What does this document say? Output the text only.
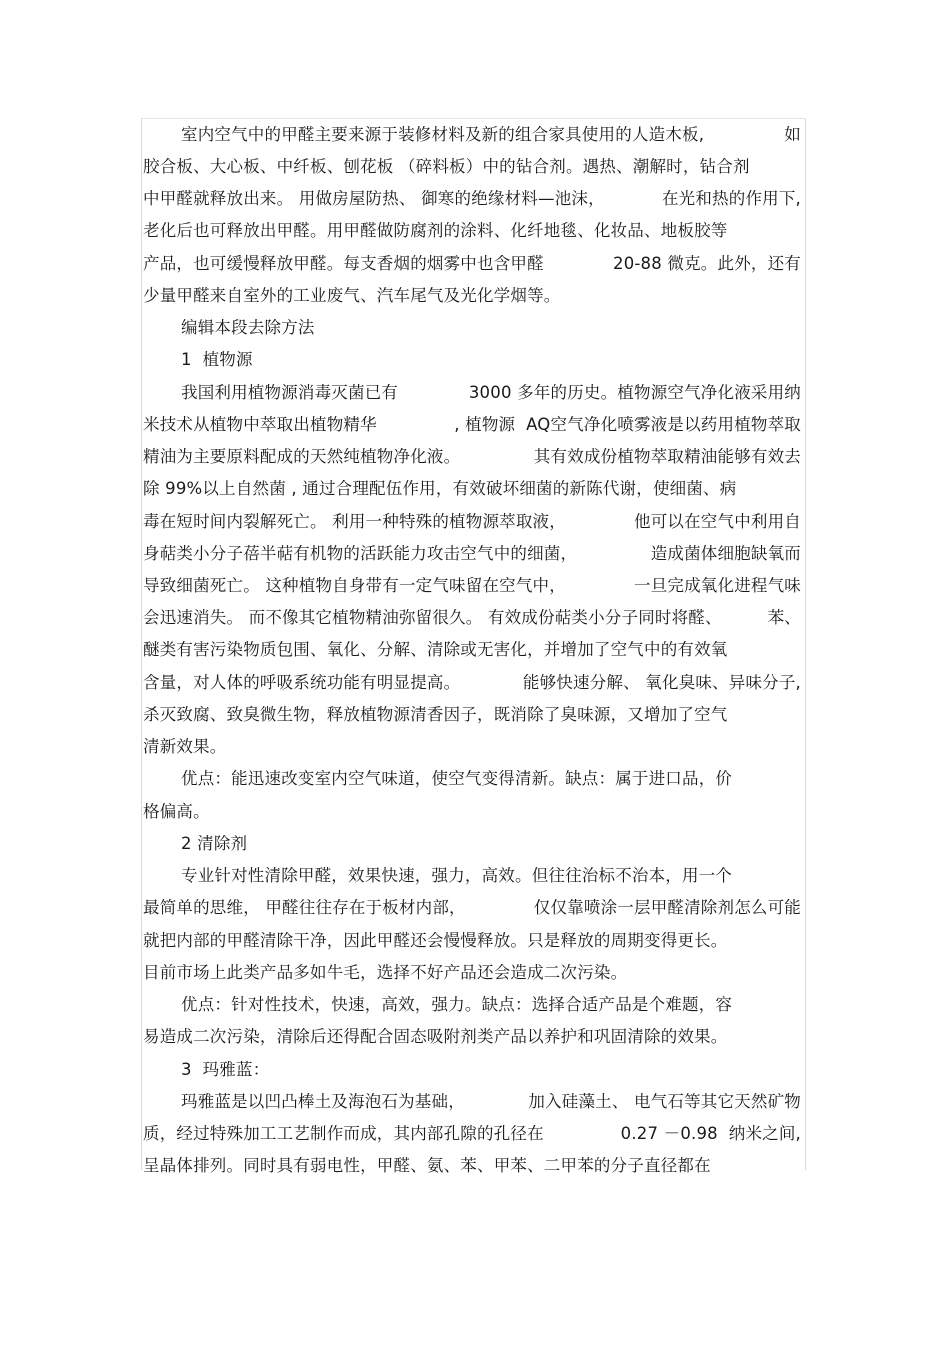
室内空气中的甲醛主要来源于装修材料及新的组合家具使用的人造木板,	如
胶合板、大心板、中纤板、刨花板 （碎料板）中的钻合剂。遇热、潮解时，钻合剂
中甲醛就释放出来。 用做房屋防热、 御寒的绝缘材料—池沫，	在光和热的作用下,
老化后也可释放出甲醛。用甲醛做防腐剂的涂料、化纤地毯、化妆品、地板胶等
产品，也可缓慢释放甲醛。每支香烟的烟雾中也含甲醛	20-88 微克。此外，还有
少量甲醛来自室外的工业废气、汽车尾气及光化学烟等。
编辑本段去除方法
1  植物源
我国利用植物源消毒灭菌已有	3000 多年的历史。植物源空气净化液采用纳
米技术从植物中萃取出植物精华	, 植物源  AQ空气净化喷雾液是以药用植物萃取
精油为主要原料配成的天然纯植物净化液。	其有效成份植物萃取精油能够有效去
除 99%以上自然菌 , 通过合理配伍作用，有效破坏细菌的新陈代谢，使细菌、病
毒在短时间内裂解死亡。 利用一种特殊的植物源萃取液，	他可以在空气中利用自
身萜类小分子蓓半萜有机物的活跃能力攻击空气中的细菌，	造成菌体细胞缺氧而
导致细菌死亡。 这种植物自身带有一定气味留在空气中，	一旦完成氧化进程气味
会迅速消失。 而不像其它植物精油弥留很久。 有效成份萜类小分子同时将醛、	苯、
醚类有害污染物质包围、氧化、分解、清除或无害化，并增加了空气中的有效氧
含量，对人体的呼吸系统功能有明显提高。	能够快速分解、 氧化臭味、异味分子,
杀灭致腐、致臭微生物，释放植物源清香因子，既消除了臭味源，又增加了空气
清新效果。
优点：能迅速改变室内空气味道，使空气变得清新。缺点：属于进口品，价
格偏高。
2 清除剂
专业针对性清除甲醛，效果快速，强力，高效。但往往治标不治本，用一个
最简单的思维， 甲醛往往存在于板材内部，	仅仅靠喷涂一层甲醛清除剂怎么可能
就把内部的甲醛清除干净，因此甲醛还会慢慢释放。只是释放的周期变得更长。
目前市场上此类产品多如牛毛，选择不好产品还会造成二次污染。
优点：针对性技术，快速，高效，强力。缺点：选择合适产品是个难题，容
易造成二次污染，清除后还得配合固态吸附剂类产品以养护和巩固清除的效果。
3  玛雅蓝：
玛雅蓝是以凹凸棒土及海泡石为基础，	加入硅藻土、 电气石等其它天然矿物
质，经过特殊加工工艺制作而成，其内部孔隙的孔径在	0.27 －0.98  纳米之间,
呈晶体排列。同时具有弱电性，甲醛、氨、苯、甲苯、二甲苯的分子直径都在
